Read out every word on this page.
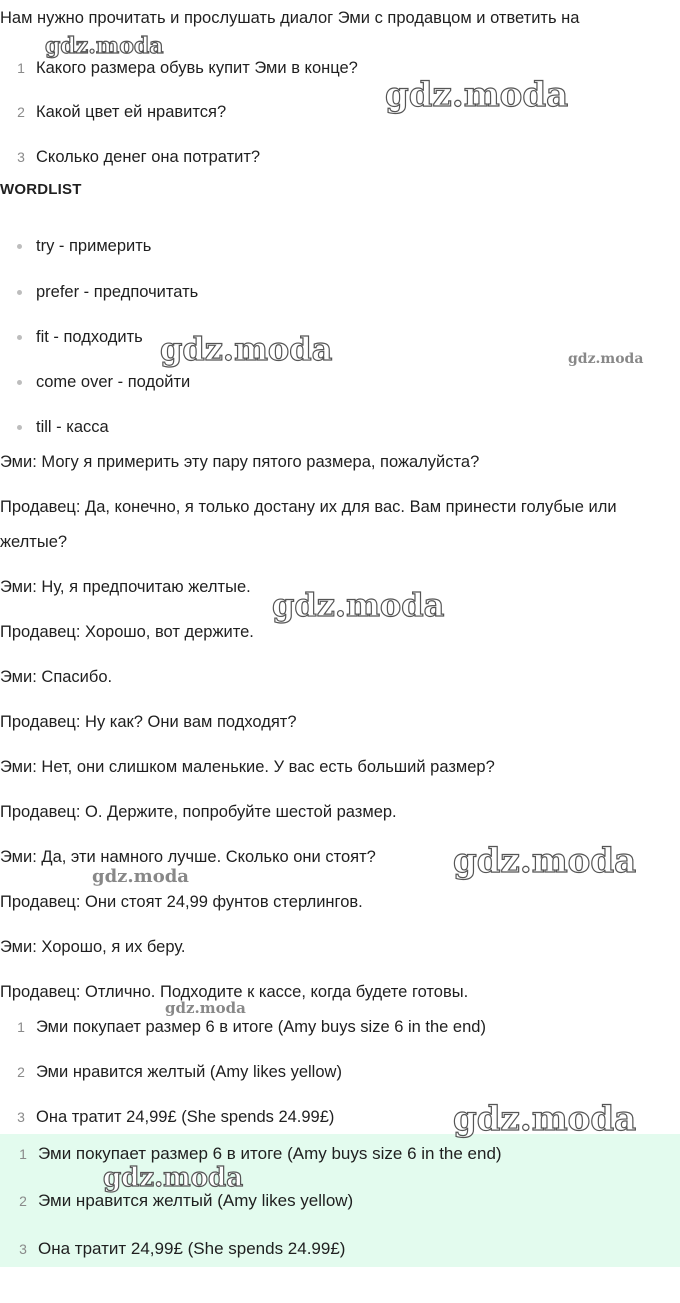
Нам нужно прочитать и прослушать диалог Эми с продавцом и ответить на
1 Какого размера обувь купит Эми в конце?
2 Какой цвет ей нравится?
3 Сколько денег она потратит?
WORDLIST
try - примерить
prefer - предпочитать
fit - подходить
come over - подойти
till - касса
Эми: Могу я примерить эту пару пятого размера, пожалуйста?
Продавец: Да, конечно, я только достану их для вас. Вам принести голубые или
желтые?
Эми: Ну, я предпочитаю желтые.
Продавец: Хорошо, вот держите.
Эми: Спасибо.
Продавец: Ну как? Они вам подходят?
Эми: Нет, они слишком маленькие. У вас есть больший размер?
Продавец: О. Держите, попробуйте шестой размер.
Эми: Да, эти намного лучше. Сколько они стоят?
Продавец: Они стоят 24,99 фунтов стерлингов.
Эми: Хорошо, я их беру.
Продавец: Отлично. Подходите к кассе, когда будете готовы.
1 Эми покупает размер 6 в итоге (Amy buys size 6 in the end)
2 Эми нравится желтый (Amy likes yellow)
3 Она тратит 24,99£ (She spends 24.99£)
1 Эми покупает размер 6 в итоге (Amy buys size 6 in the end)
2 Эми нравится желтый (Amy likes yellow)
3 Она тратит 24,99£ (She spends 24.99£)
gdz.moda
gdz.moda
gdz.moda	gdz.moda
gdz.moda
gdz.moda
gdz.moda
gdz.moda
gdz.moda
gdz.moda
